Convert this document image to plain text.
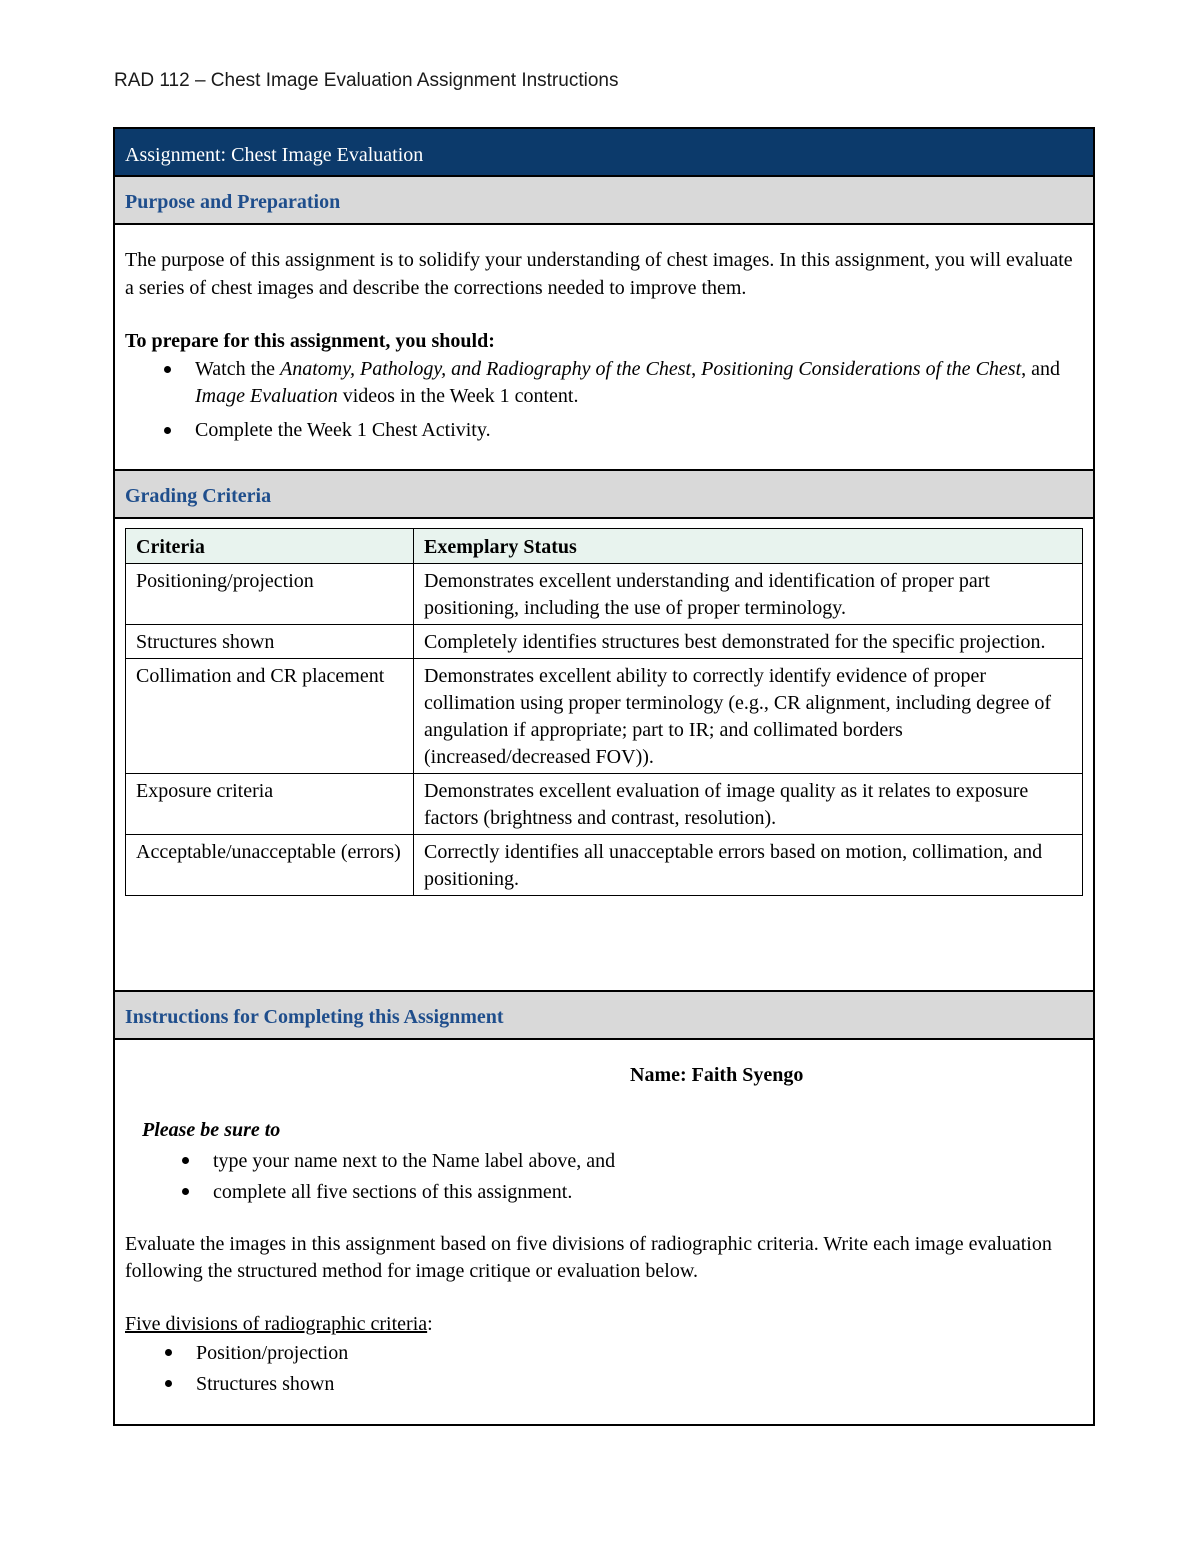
RAD 112 – Chest Image Evaluation Assignment Instructions
Assignment: Chest Image Evaluation
Purpose and Preparation

The purpose of this assignment is to solidify your understanding of chest images. In this assignment, you will evaluate a series of chest images and describe the corrections needed to improve them.

To prepare for this assignment, you should:

Watch the Anatomy, Pathology, and Radiography of the Chest, Positioning Considerations of the Chest, and Image Evaluation videos in the Week 1 content.
Complete the Week 1 Chest Activity.
Grading Criteria
Criteria	Exemplary Status
Positioning/projection	Demonstrates excellent understanding and identification of proper part positioning, including the use of proper terminology.
Structures shown	Completely identifies structures best demonstrated for the specific projection.
Collimation and CR placement	Demonstrates excellent ability to correctly identify evidence of proper collimation using proper terminology (e.g., CR alignment, including degree of angulation if appropriate; part to IR; and collimated borders (increased/decreased FOV)).
Exposure criteria	Demonstrates excellent evaluation of image quality as it relates to exposure factors (brightness and contrast, resolution).
Acceptable/unacceptable (errors)	Correctly identifies all unacceptable errors based on motion, collimation, and positioning.
Instructions for Completing this Assignment

Name: Faith Syengo

Please be sure to

type your name next to the Name label above, and
complete all five sections of this assignment.

Evaluate the images in this assignment based on five divisions of radiographic criteria. Write each image evaluation following the structured method for image critique or evaluation below.

Five divisions of radiographic criteria:

Position/projection
Structures shown
